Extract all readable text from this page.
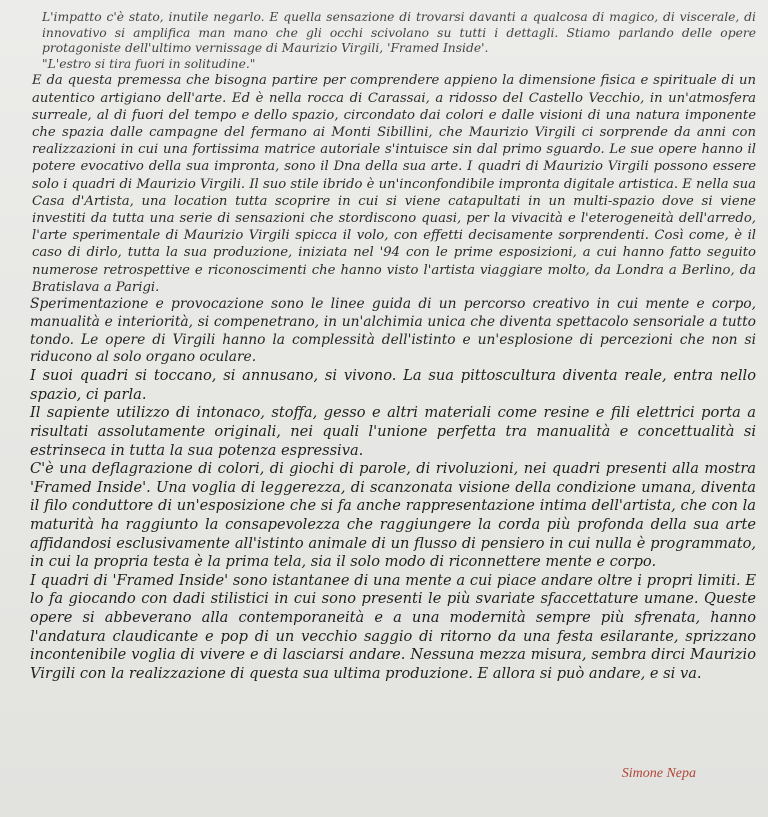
L'impatto c'è stato, inutile negarlo. E quella sensazione di trovarsi davanti a qualcosa di magico, di viscerale, di innovativo si amplifica man mano che gli occhi scivolano su tutti i dettagli. Stiamo parlando delle opere protagoniste dell'ultimo vernissage di Maurizio Virgili, 'Framed Inside'.

"L'estro si tira fuori in solitudine."

E da questa premessa che bisogna partire per comprendere appieno la dimensione fisica e spirituale di un autentico artigiano dell'arte. Ed è nella rocca di Carassai, a ridosso del Castello Vecchio, in un'atmosfera surreale, al di fuori del tempo e dello spazio, circondato dai colori e dalle visioni di una natura imponente che spazia dalle campagne del fermano ai Monti Sibillini, che Maurizio Virgili ci sorprende da anni con realizzazioni in cui una fortissima matrice autoriale s'intuisce sin dal primo sguardo. Le sue opere hanno il potere evocativo della sua impronta, sono il Dna della sua arte. I quadri di Maurizio Virgili possono essere solo i quadri di Maurizio Virgili. Il suo stile ibrido è un'inconfondibile impronta digitale artistica. E nella sua Casa d'Artista, una location tutta scoprire in cui si viene catapultati in un multi-spazio dove si viene investiti da tutta una serie di sensazioni che stordiscono quasi, per la vivacità e l'eterogeneità dell'arredo, l'arte sperimentale di Maurizio Virgili spicca il volo, con effetti decisamente sorprendenti. Così come, è il caso di dirlo, tutta la sua produzione, iniziata nel '94 con le prime esposizioni, a cui hanno fatto seguito numerose retrospettive e riconoscimenti che hanno visto l'artista viaggiare molto, da Londra a Berlino, da Bratislava a Parigi.

Sperimentazione e provocazione sono le linee guida di un percorso creativo in cui mente e corpo, manualità e interiorità, si compenetrano, in un'alchimia unica che diventa spettacolo sensoriale a tutto tondo. Le opere di Virgili hanno la complessità dell'istinto e un'esplosione di percezioni che non si riducono al solo organo oculare.

I suoi quadri si toccano, si annusano, si vivono. La sua pittoscultura diventa reale, entra nello spazio, ci parla.

Il sapiente utilizzo di intonaco, stoffa, gesso e altri materiali come resine e fili elettrici porta a risultati assolutamente originali, nei quali l'unione perfetta tra manualità e concettualità si estrinseca in tutta la sua potenza espressiva.

C'è una deflagrazione di colori, di giochi di parole, di rivoluzioni, nei quadri presenti alla mostra 'Framed Inside'. Una voglia di leggerezza, di scanzonata visione della condizione umana, diventa il filo conduttore di un'esposizione che si fa anche rappresentazione intima dell'artista, che con la maturità ha raggiunto la consapevolezza che raggiungere la corda più profonda della sua arte affidandosi esclusivamente all'istinto animale di un flusso di pensiero in cui nulla è programmato, in cui la propria testa è la prima tela, sia il solo modo di riconnettere mente e corpo.

I quadri di 'Framed Inside' sono istantanee di una mente a cui piace andare oltre i propri limiti. E lo fa giocando con dadi stilistici in cui sono presenti le più svariate sfaccettature umane. Queste opere si abbeverano alla contemporaneità e a una modernità sempre più sfrenata, hanno l'andatura claudicante e pop di un vecchio saggio di ritorno da una festa esilarante, sprizzano incontenibile voglia di vivere e di lasciarsi andare. Nessuna mezza misura, sembra dirci Maurizio Virgili con la realizzazione di questa sua ultima produzione. E allora si può andare, e si va.

Simone Nepa
